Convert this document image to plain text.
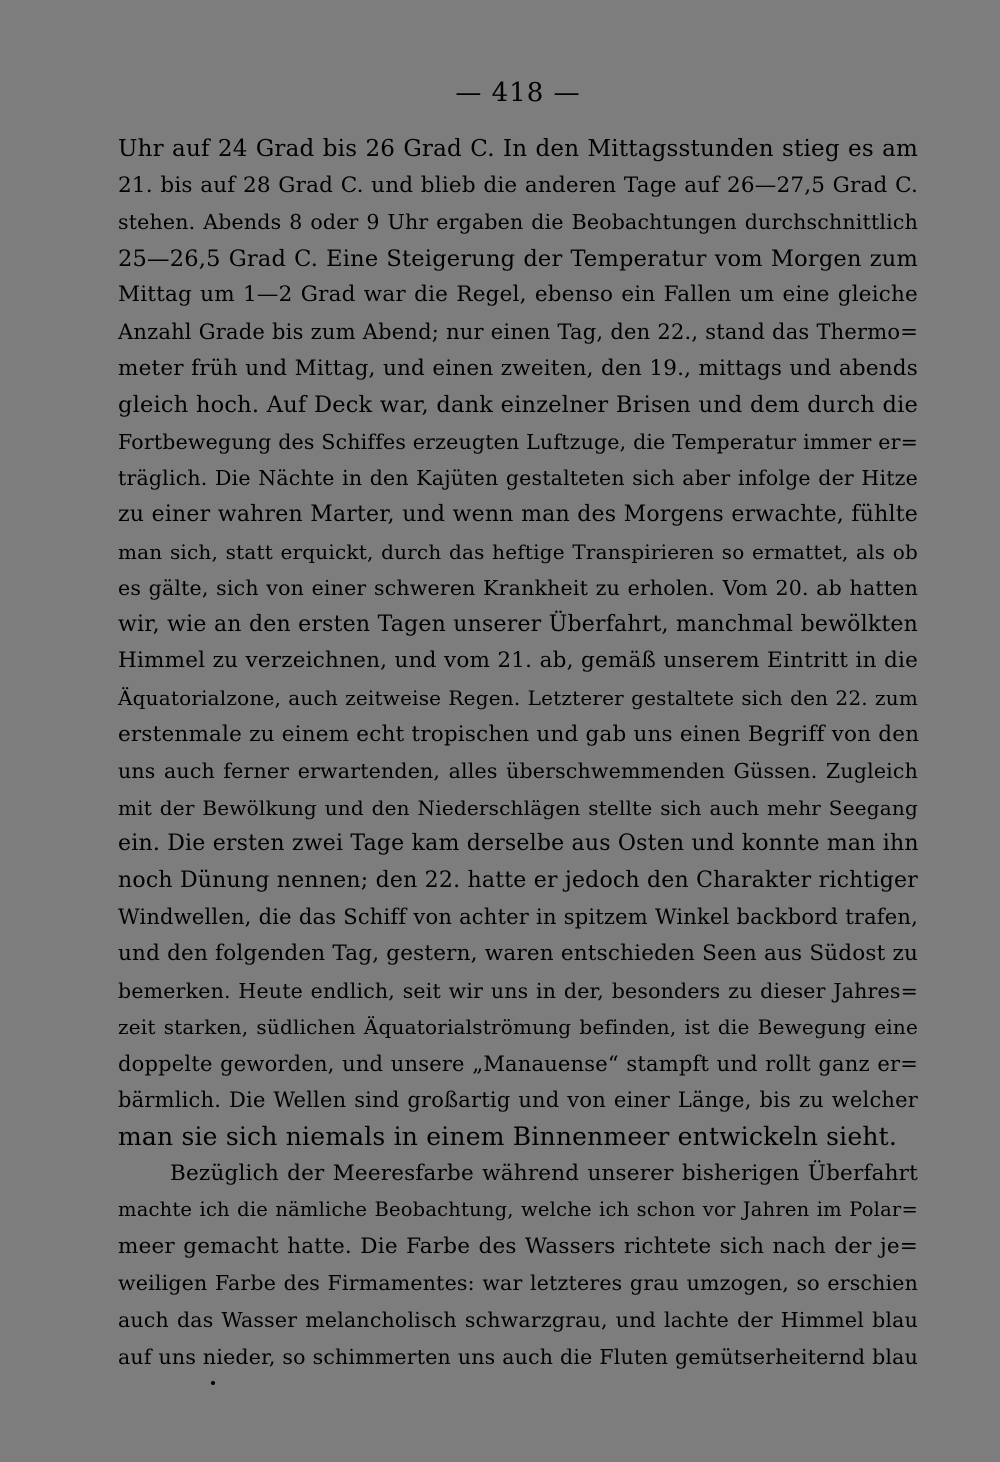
— 418 —
Uhr auf 24 Grad bis 26 Grad C. In den Mittagsstunden stieg es am
21. bis auf 28 Grad C. und blieb die anderen Tage auf 26—27,5 Grad C.
stehen. Abends 8 oder 9 Uhr ergaben die Beobachtungen durchschnittlich
25—26,5 Grad C. Eine Steigerung der Temperatur vom Morgen zum
Mittag um 1—2 Grad war die Regel, ebenso ein Fallen um eine gleiche
Anzahl Grade bis zum Abend; nur einen Tag, den 22., stand das Thermo=
meter früh und Mittag, und einen zweiten, den 19., mittags und abends
gleich hoch. Auf Deck war, dank einzelner Brisen und dem durch die
Fortbewegung des Schiffes erzeugten Luftzuge, die Temperatur immer er=
träglich. Die Nächte in den Kajüten gestalteten sich aber infolge der Hitze
zu einer wahren Marter, und wenn man des Morgens erwachte, fühlte
man sich, statt erquickt, durch das heftige Transpirieren so ermattet, als ob
es gälte, sich von einer schweren Krankheit zu erholen. Vom 20. ab hatten
wir, wie an den ersten Tagen unserer Überfahrt, manchmal bewölkten
Himmel zu verzeichnen, und vom 21. ab, gemäß unserem Eintritt in die
Äquatorialzone, auch zeitweise Regen. Letzterer gestaltete sich den 22. zum
erstenmale zu einem echt tropischen und gab uns einen Begriff von den
uns auch ferner erwartenden, alles überschwemmenden Güssen. Zugleich
mit der Bewölkung und den Niederschlägen stellte sich auch mehr Seegang
ein. Die ersten zwei Tage kam derselbe aus Osten und konnte man ihn
noch Dünung nennen; den 22. hatte er jedoch den Charakter richtiger
Windwellen, die das Schiff von achter in spitzem Winkel backbord trafen,
und den folgenden Tag, gestern, waren entschieden Seen aus Südost zu
bemerken. Heute endlich, seit wir uns in der, besonders zu dieser Jahres=
zeit starken, südlichen Äquatorialströmung befinden, ist die Bewegung eine
doppelte geworden, und unsere „Manauense“ stampft und rollt ganz er=
bärmlich. Die Wellen sind großartig und von einer Länge, bis zu welcher
man sie sich niemals in einem Binnenmeer entwickeln sieht.
Bezüglich der Meeresfarbe während unserer bisherigen Überfahrt
machte ich die nämliche Beobachtung, welche ich schon vor Jahren im Polar=
meer gemacht hatte. Die Farbe des Wassers richtete sich nach der je=
weiligen Farbe des Firmamentes: war letzteres grau umzogen, so erschien
auch das Wasser melancholisch schwarzgrau, und lachte der Himmel blau
auf uns nieder, so schimmerten uns auch die Fluten gemütserheiternd blau
